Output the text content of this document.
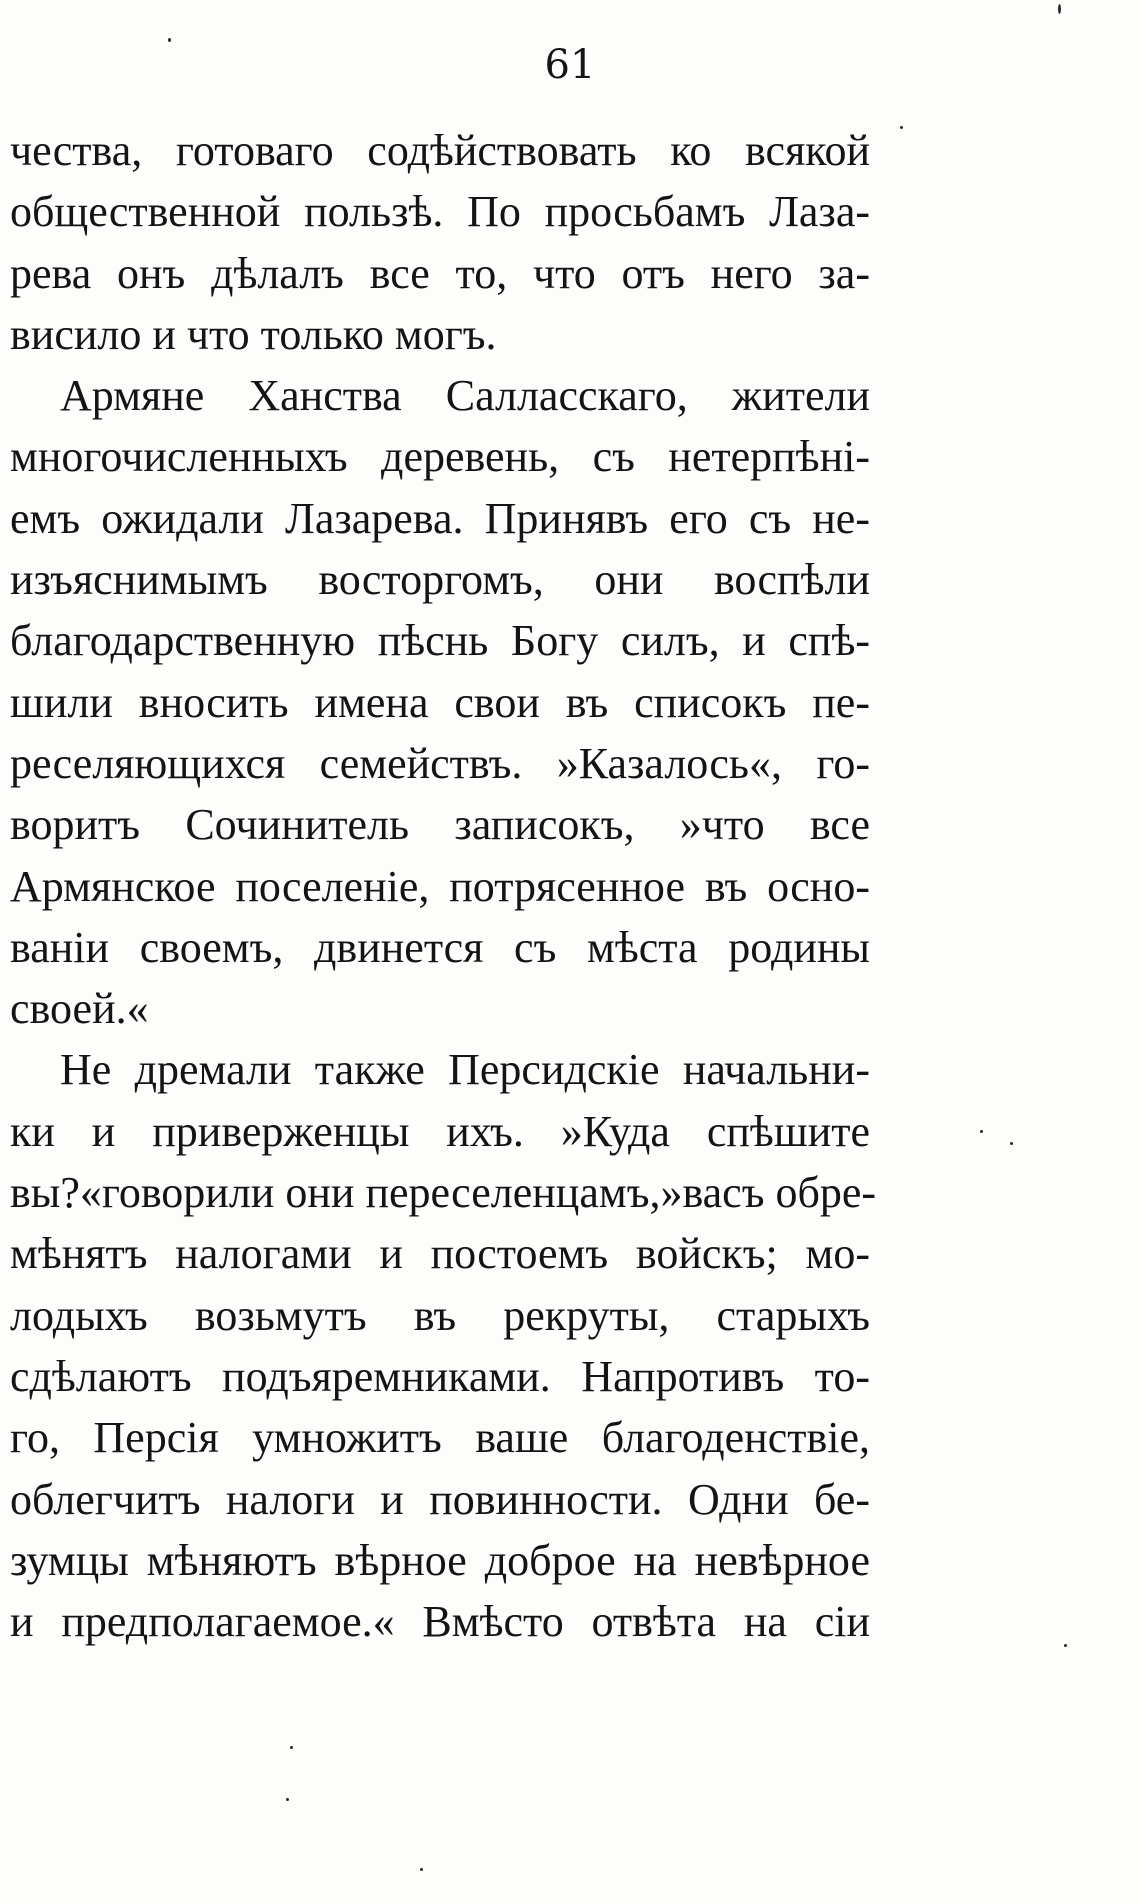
61
чества, готоваго содѣйствовать ко всякой
общественной пользѣ. По просьбамъ Лаза-
рева онъ дѣлалъ все то, что отъ него за-
висило и что только могъ.
Армяне Ханства Саллаcскаго, жители
многочисленныхъ деревень, съ нетерпѣні-
емъ ожидали Лазарева. Принявъ его съ не-
изъяснимымъ восторгомъ, они воспѣли
благодарственную пѣснь Богу силъ, и спѣ-
шили вносить имена свои въ списокъ пе-
реселяющихся семействъ. »Казалось«, го-
воритъ Сочинитель записокъ, »что все
Армянское поселеніе, потрясенное въ осно-
ваніи своемъ, двинется съ мѣста родины
своей.«
Не дремали также Персидскіе начальни-
ки и приверженцы ихъ. »Куда спѣшите
вы?«говорили они переселенцамъ,»васъ обре-
мѣнятъ налогами и постоемъ войскъ; мо-
лодыхъ возьмутъ въ рекруты, старыхъ
сдѣлаютъ подъяремниками. Напротивъ то-
го, Персія умножитъ ваше благоденствіе,
облегчитъ налоги и повинности. Одни бе-
зумцы мѣняютъ вѣрное доброе на невѣрное
и предполагаемое.« Вмѣсто отвѣта на сіи
